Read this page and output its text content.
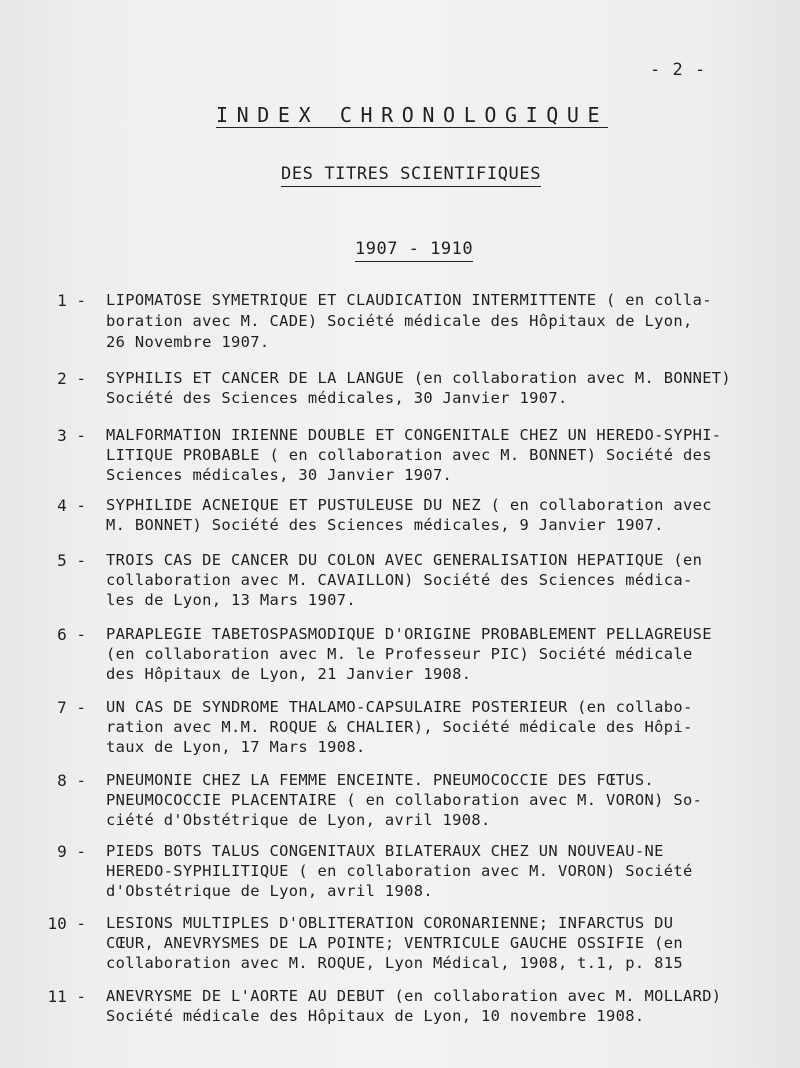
- 2 -
INDEX CHRONOLOGIQUE
DES TITRES SCIENTIFIQUES
1907 - 1910
1 - LIPOMATOSE SYMETRIQUE ET CLAUDICATION INTERMITTENTE ( en colla-
boration avec M. CADE) Société médicale des Hôpitaux de Lyon,
26 Novembre 1907.
2 - SYPHILIS ET CANCER DE LA LANGUE (en collaboration avec M. BONNET)
Société des Sciences médicales, 30 Janvier 1907.
3 - MALFORMATION IRIENNE DOUBLE ET CONGENITALE CHEZ UN HEREDO-SYPHI-
LITIQUE PROBABLE ( en collaboration avec M. BONNET) Société des
Sciences médicales, 30 Janvier 1907.
4 - SYPHILIDE ACNEIQUE ET PUSTULEUSE DU NEZ ( en collaboration avec
M. BONNET) Société des Sciences médicales, 9 Janvier 1907.
5 - TROIS CAS DE CANCER DU COLON AVEC GENERALISATION HEPATIQUE (en
collaboration avec M. CAVAILLON) Société des Sciences médica-
les de Lyon, 13 Mars 1907.
6 - PARAPLEGIE TABETOSPASMODIQUE D'ORIGINE PROBABLEMENT PELLAGREUSE
(en collaboration avec M. le Professeur PIC) Société médicale
des Hôpitaux de Lyon, 21 Janvier 1908.
7 - UN CAS DE SYNDROME THALAMO-CAPSULAIRE POSTERIEUR (en collabo-
ration avec M.M. ROQUE & CHALIER), Société médicale des Hôpi-
taux de Lyon, 17 Mars 1908.
8 - PNEUMONIE CHEZ LA FEMME ENCEINTE. PNEUMOCOCCIE DES FŒTUS.
PNEUMOCOCCIE PLACENTAIRE ( en collaboration avec M. VORON) So-
ciété d'Obstétrique de Lyon, avril 1908.
9 - PIEDS BOTS TALUS CONGENITAUX BILATERAUX CHEZ UN NOUVEAU-NE
HEREDO-SYPHILITIQUE ( en collaboration avec M. VORON) Société
d'Obstétrique de Lyon, avril 1908.
10 - LESIONS MULTIPLES D'OBLITERATION CORONARIENNE; INFARCTUS DU
CŒUR, ANEVRYSMES DE LA POINTE; VENTRICULE GAUCHE OSSIFIE (en
collaboration avec M. ROQUE, Lyon Médical, 1908, t.1, p. 815
11 - ANEVRYSME DE L'AORTE AU DEBUT (en collaboration avec M. MOLLARD)
Société médicale des Hôpitaux de Lyon, 10 novembre 1908.
